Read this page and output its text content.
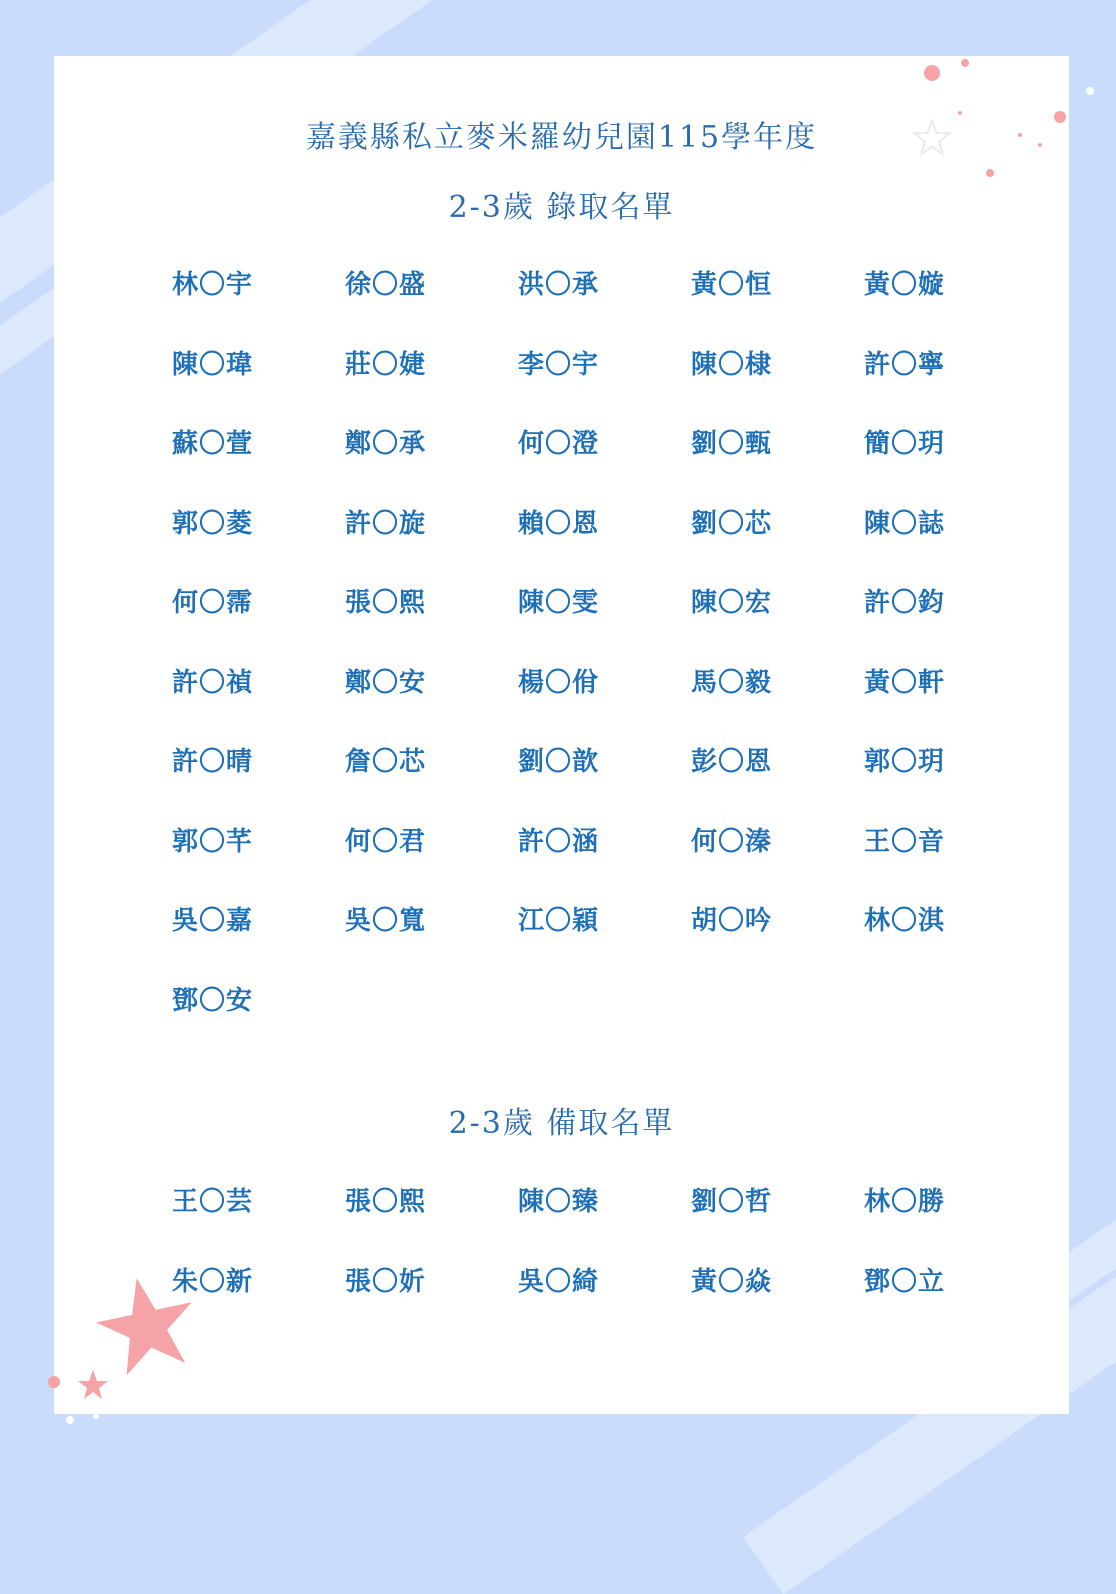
嘉義縣私立麥米羅幼兒園115學年度
2-3歲 錄取名單
林〇宇	徐〇盛	洪〇承	黃〇恒	黃〇嫙
陳〇瑋	莊〇婕	李〇宇	陳〇棣	許〇寧
蘇〇萱	鄭〇承	何〇澄	劉〇甄	簡〇玥
郭〇菱	許〇旋	賴〇恩	劉〇芯	陳〇誌
何〇霈	張〇熙	陳〇雯	陳〇宏	許〇鈞
許〇禎	鄭〇安	楊〇佾	馬〇毅	黃〇軒
許〇晴	詹〇芯	劉〇歆	彭〇恩	郭〇玥
郭〇芊	何〇君	許〇涵	何〇溱	王〇音
吳〇嘉	吳〇寬	江〇穎	胡〇吟	林〇淇
鄧〇安
2-3歲 備取名單
王〇芸	張〇熙	陳〇臻	劉〇哲	林〇勝
朱〇新	張〇妡	吳〇綺	黃〇焱	鄧〇立
